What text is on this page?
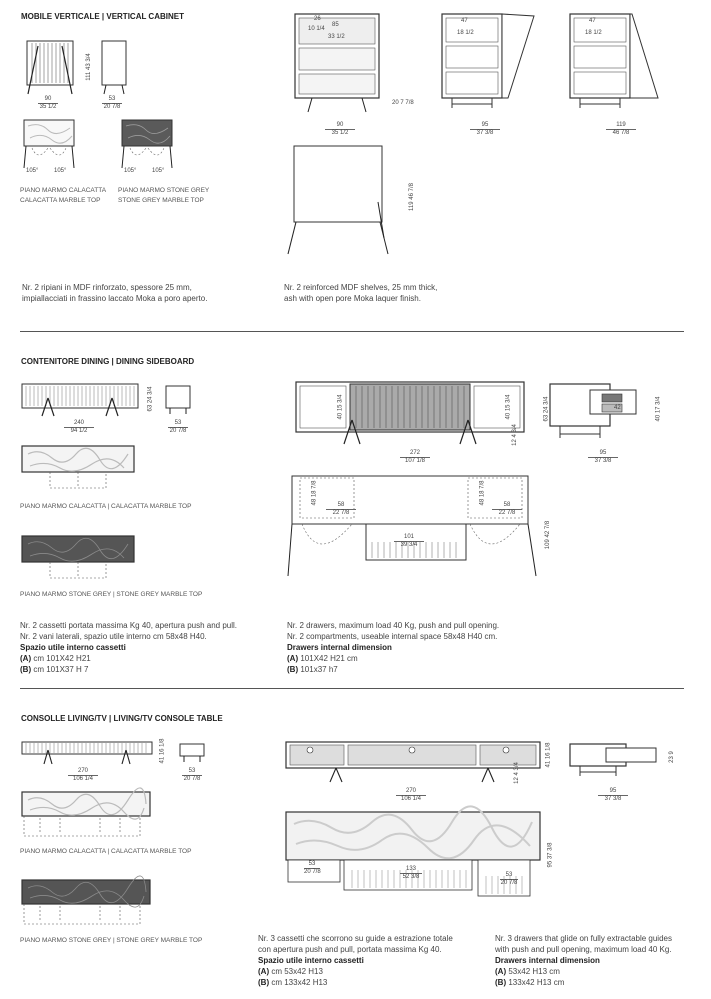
MOBILE VERTICALE | VERTICAL CABINET
90
35 1/2
111 43 3/4
53
20 7/8
105°	105°
PIANO MARMO CALACATTA
CALACATTA MARBLE TOP
105°	105°
PIANO MARMO STONE GREY
STONE GREY MARBLE TOP
85
33 1/2
26
10 1/4
90
35 1/2
20 7 7/8
47
18 1/2
95
37 3/8
47
18 1/2
119
46 7/8
119 46 7/8
Nr. 2 ripiani in MDF rinforzato, spessore 25 mm,
impiallacciati in frassino laccato Moka a poro aperto.
Nr. 2 reinforced MDF shelves, 25 mm thick,
ash with open pore Moka laquer finish.
CONTENITORE DINING | DINING SIDEBOARD
63 24 3/4
240
94 1/2
53
20 7/8
PIANO MARMO CALACATTA | CALACATTA MARBLE TOP
PIANO MARMO STONE GREY | STONE GREY MARBLE TOP
40 15 3/4
40 15 3/4
12 4 3/4
272
107 1/8
63 24 3/4
40 17 3/4
42
95
37 3/8
48 18 7/8
48 18 7/8
58
22 7/8
58
22 7/8
101
39 3/4	109 42 7/8
Nr. 2 cassetti portata massima Kg 40, apertura push and pull.
Nr. 2 vani laterali, spazio utile interno cm 58x48 H40.
Spazio utile interno cassetti
(A) cm 101X42 H21
(B) cm 101X37 H 7
Nr. 2 drawers, maximum load 40 Kg, push and pull opening.
Nr. 2 compartments, useable internal space 58x48 H40 cm.
Drawers internal dimension
(A) 101X42 H21 cm
(B) 101x37 h7
CONSOLLE LIVING/TV | LIVING/TV CONSOLE TABLE
41 16 1/8
270
106 1/4
53
20 7/8
PIANO MARMO CALACATTA | CALACATTA MARBLE TOP
PIANO MARMO STONE GREY | STONE GREY MARBLE TOP
41 16 1/8
12 4 3/4
270
106 1/4
23 9
95
37 3/8
53
20 7/8	133
52 3/8	53
20 7/8
95 37 3/8
Nr. 3 cassetti che scorrono su guide a estrazione totale
con apertura push and pull, portata massima Kg 40.
Spazio utile interno cassetti
(A) cm 53x42 H13
(B) cm 133x42 H13
Nr. 3 drawers that glide on fully extractable guides
with push and pull opening, maximum load 40 Kg.
Drawers internal dimension
(A) 53x42 H13 cm
(B) 133x42 H13 cm
